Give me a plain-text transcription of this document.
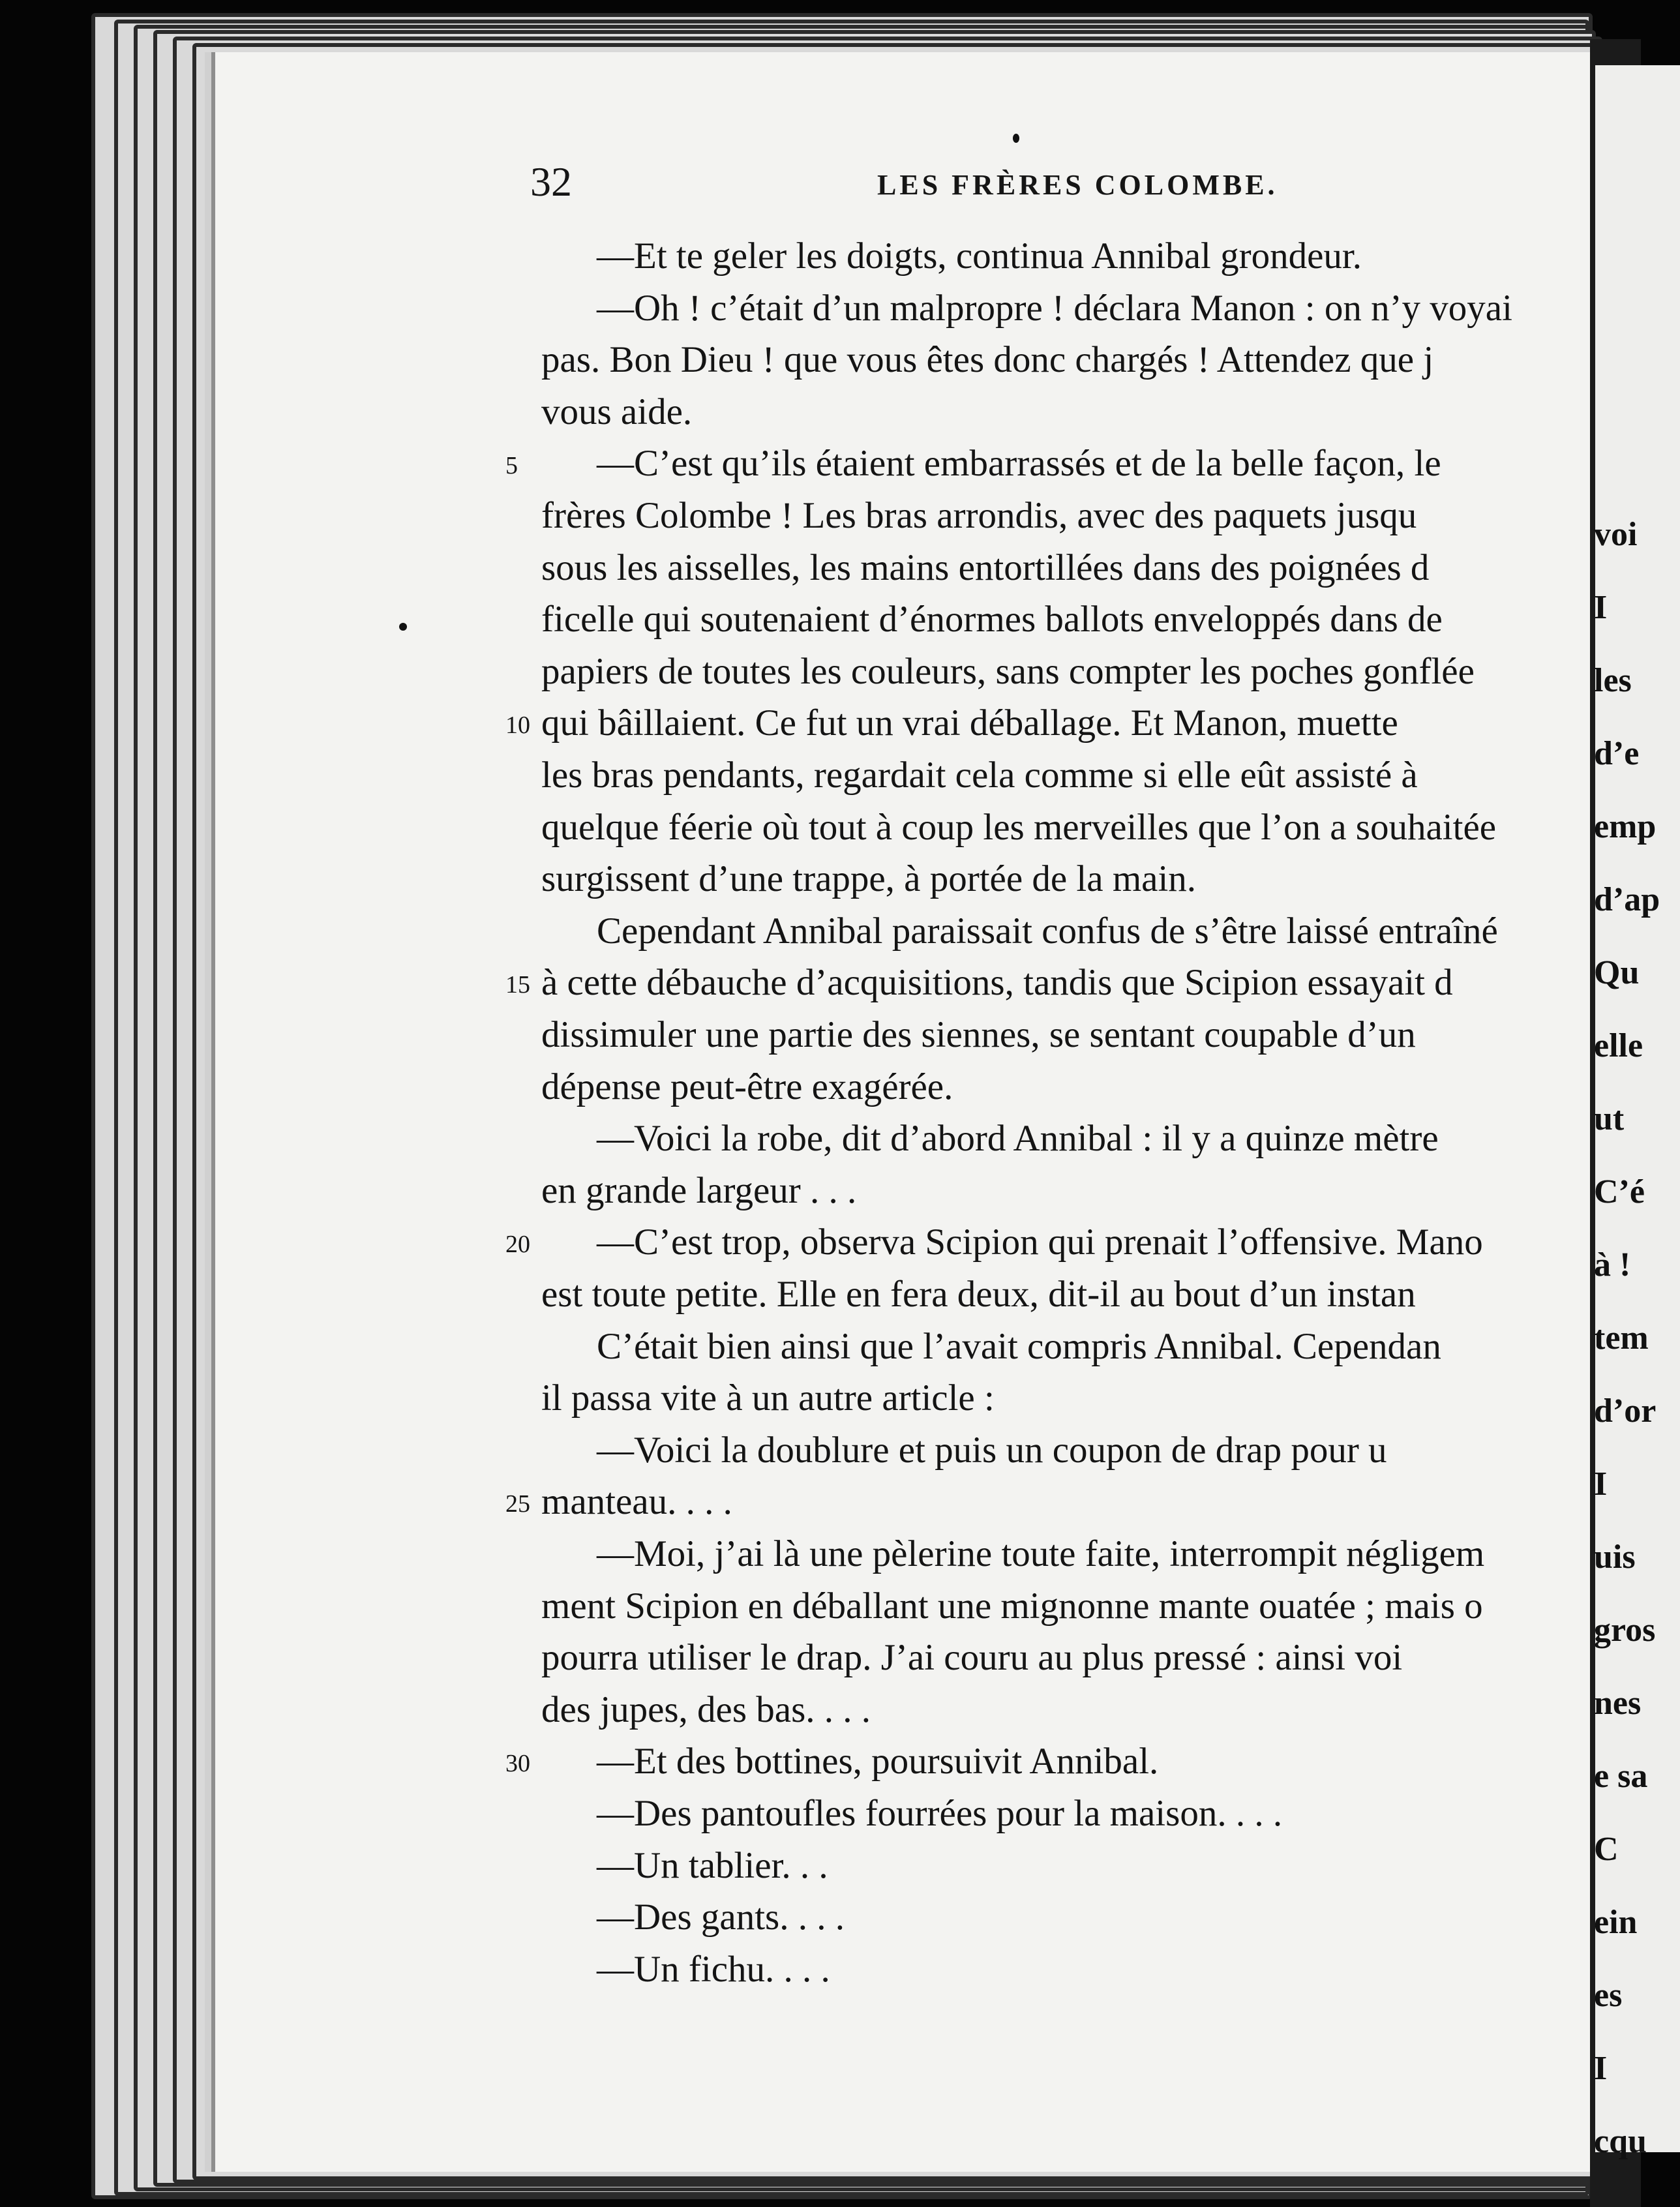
voi
I
les
d’e
emp
d’ap
Qu
elle
ut
C’é
à !
tem
d’or
I
uis
gros
nes
e sa
C
ein
es
I
cqu
32	LES FRÈRES COLOMBE.
—Et te geler les doigts, continua Annibal grondeur.
—Oh ! c’était d’un malpropre ! déclara Manon : on n’y voyai
pas. Bon Dieu ! que vous êtes donc chargés ! Attendez que j
vous aide.
—C’est qu’ils étaient embarrassés et de la belle façon, le
frères Colombe ! Les bras arrondis, avec des paquets jusqu
sous les aisselles, les mains entortillées dans des poignées d
ficelle qui soutenaient d’énormes ballots enveloppés dans de
papiers de toutes les couleurs, sans compter les poches gonflée
qui bâillaient. Ce fut un vrai déballage. Et Manon, muette
les bras pendants, regardait cela comme si elle eût assisté à
quelque féerie où tout à coup les merveilles que l’on a souhaitée
surgissent d’une trappe, à portée de la main.
Cependant Annibal paraissait confus de s’être laissé entraîné
à cette débauche d’acquisitions, tandis que Scipion essayait d
dissimuler une partie des siennes, se sentant coupable d’un
dépense peut-être exagérée.
—Voici la robe, dit d’abord Annibal : il y a quinze mètre
en grande largeur . . .
—C’est trop, observa Scipion qui prenait l’offensive. Mano
est toute petite. Elle en fera deux, dit-il au bout d’un instan
C’était bien ainsi que l’avait compris Annibal. Cependan
il passa vite à un autre article :
—Voici la doublure et puis un coupon de drap pour u
manteau. . . .
—Moi, j’ai là une pèlerine toute faite, interrompit négligem
ment Scipion en déballant une mignonne mante ouatée ; mais o
pourra utiliser le drap. J’ai couru au plus pressé : ainsi voi
des jupes, des bas. . . .
—Et des bottines, poursuivit Annibal.
—Des pantoufles fourrées pour la maison. . . .
—Un tablier. . .
—Des gants. . . .
—Un fichu. . . .
5
10
15
20
25
30
